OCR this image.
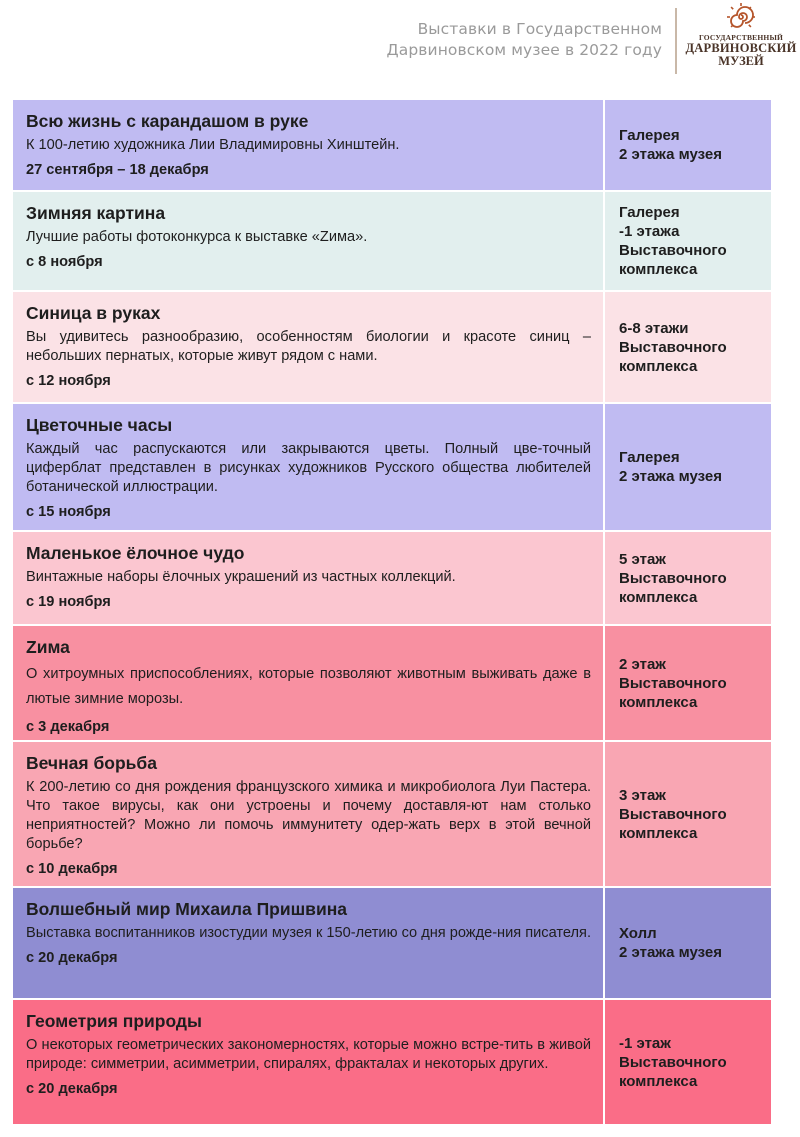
Выставки в Государственном
Дарвиновском музее в 2022 году
ГОСУДАРСТВЕННЫЙ
ДАРВИНОВСКИЙ
МУЗЕЙ
Всю жизнь с карандашом в руке
К 100-летию художника Лии Владимировны Хинштейн.
27 сентября – 18 декабря
Галерея
2 этажа музея
Зимняя картина
Лучшие работы фотоконкурса к выставке «Zима».
с 8 ноября
Галерея
-1 этажа
Выставочного
комплекса
Синица в руках
Вы удивитесь разнообразию, особенностям биологии и красоте синиц – небольших пернатых, которые живут рядом с нами.
с 12 ноября
6-8 этажи
Выставочного
комплекса
Цветочные часы
Каждый час распускаются или закрываются цветы. Полный цве-точный циферблат представлен в рисунках художников Русского общества любителей ботанической иллюстрации.
с 15 ноября
Галерея
2 этажа музея
Маленькое ёлочное чудо
Винтажные наборы ёлочных украшений из частных коллекций.
с 19 ноября
5 этаж
Выставочного
комплекса
Zима
О хитроумных приспособлениях, которые позволяют животным выживать даже в лютые зимние морозы.
с 3 декабря
2 этаж
Выставочного
комплекса
Вечная борьба
К 200-летию со дня рождения французского химика и микробиолога Луи Пастера. Что такое вирусы, как они устроены и почему доставля-ют нам столько неприятностей? Можно ли помочь иммунитету одер-жать верх в этой вечной борьбе?
с 10 декабря
3 этаж
Выставочного
комплекса
Волшебный мир Михаила Пришвина
Выставка воспитанников изостудии музея к 150-летию со дня рожде-ния писателя.
с 20 декабря
Холл
2 этажа музея
Геометрия природы
О некоторых геометрических закономерностях, которые можно встре-тить в живой природе: симметрии, асимметрии, спиралях, фракталах и некоторых других.
с 20 декабря
-1 этаж
Выставочного
комплекса
